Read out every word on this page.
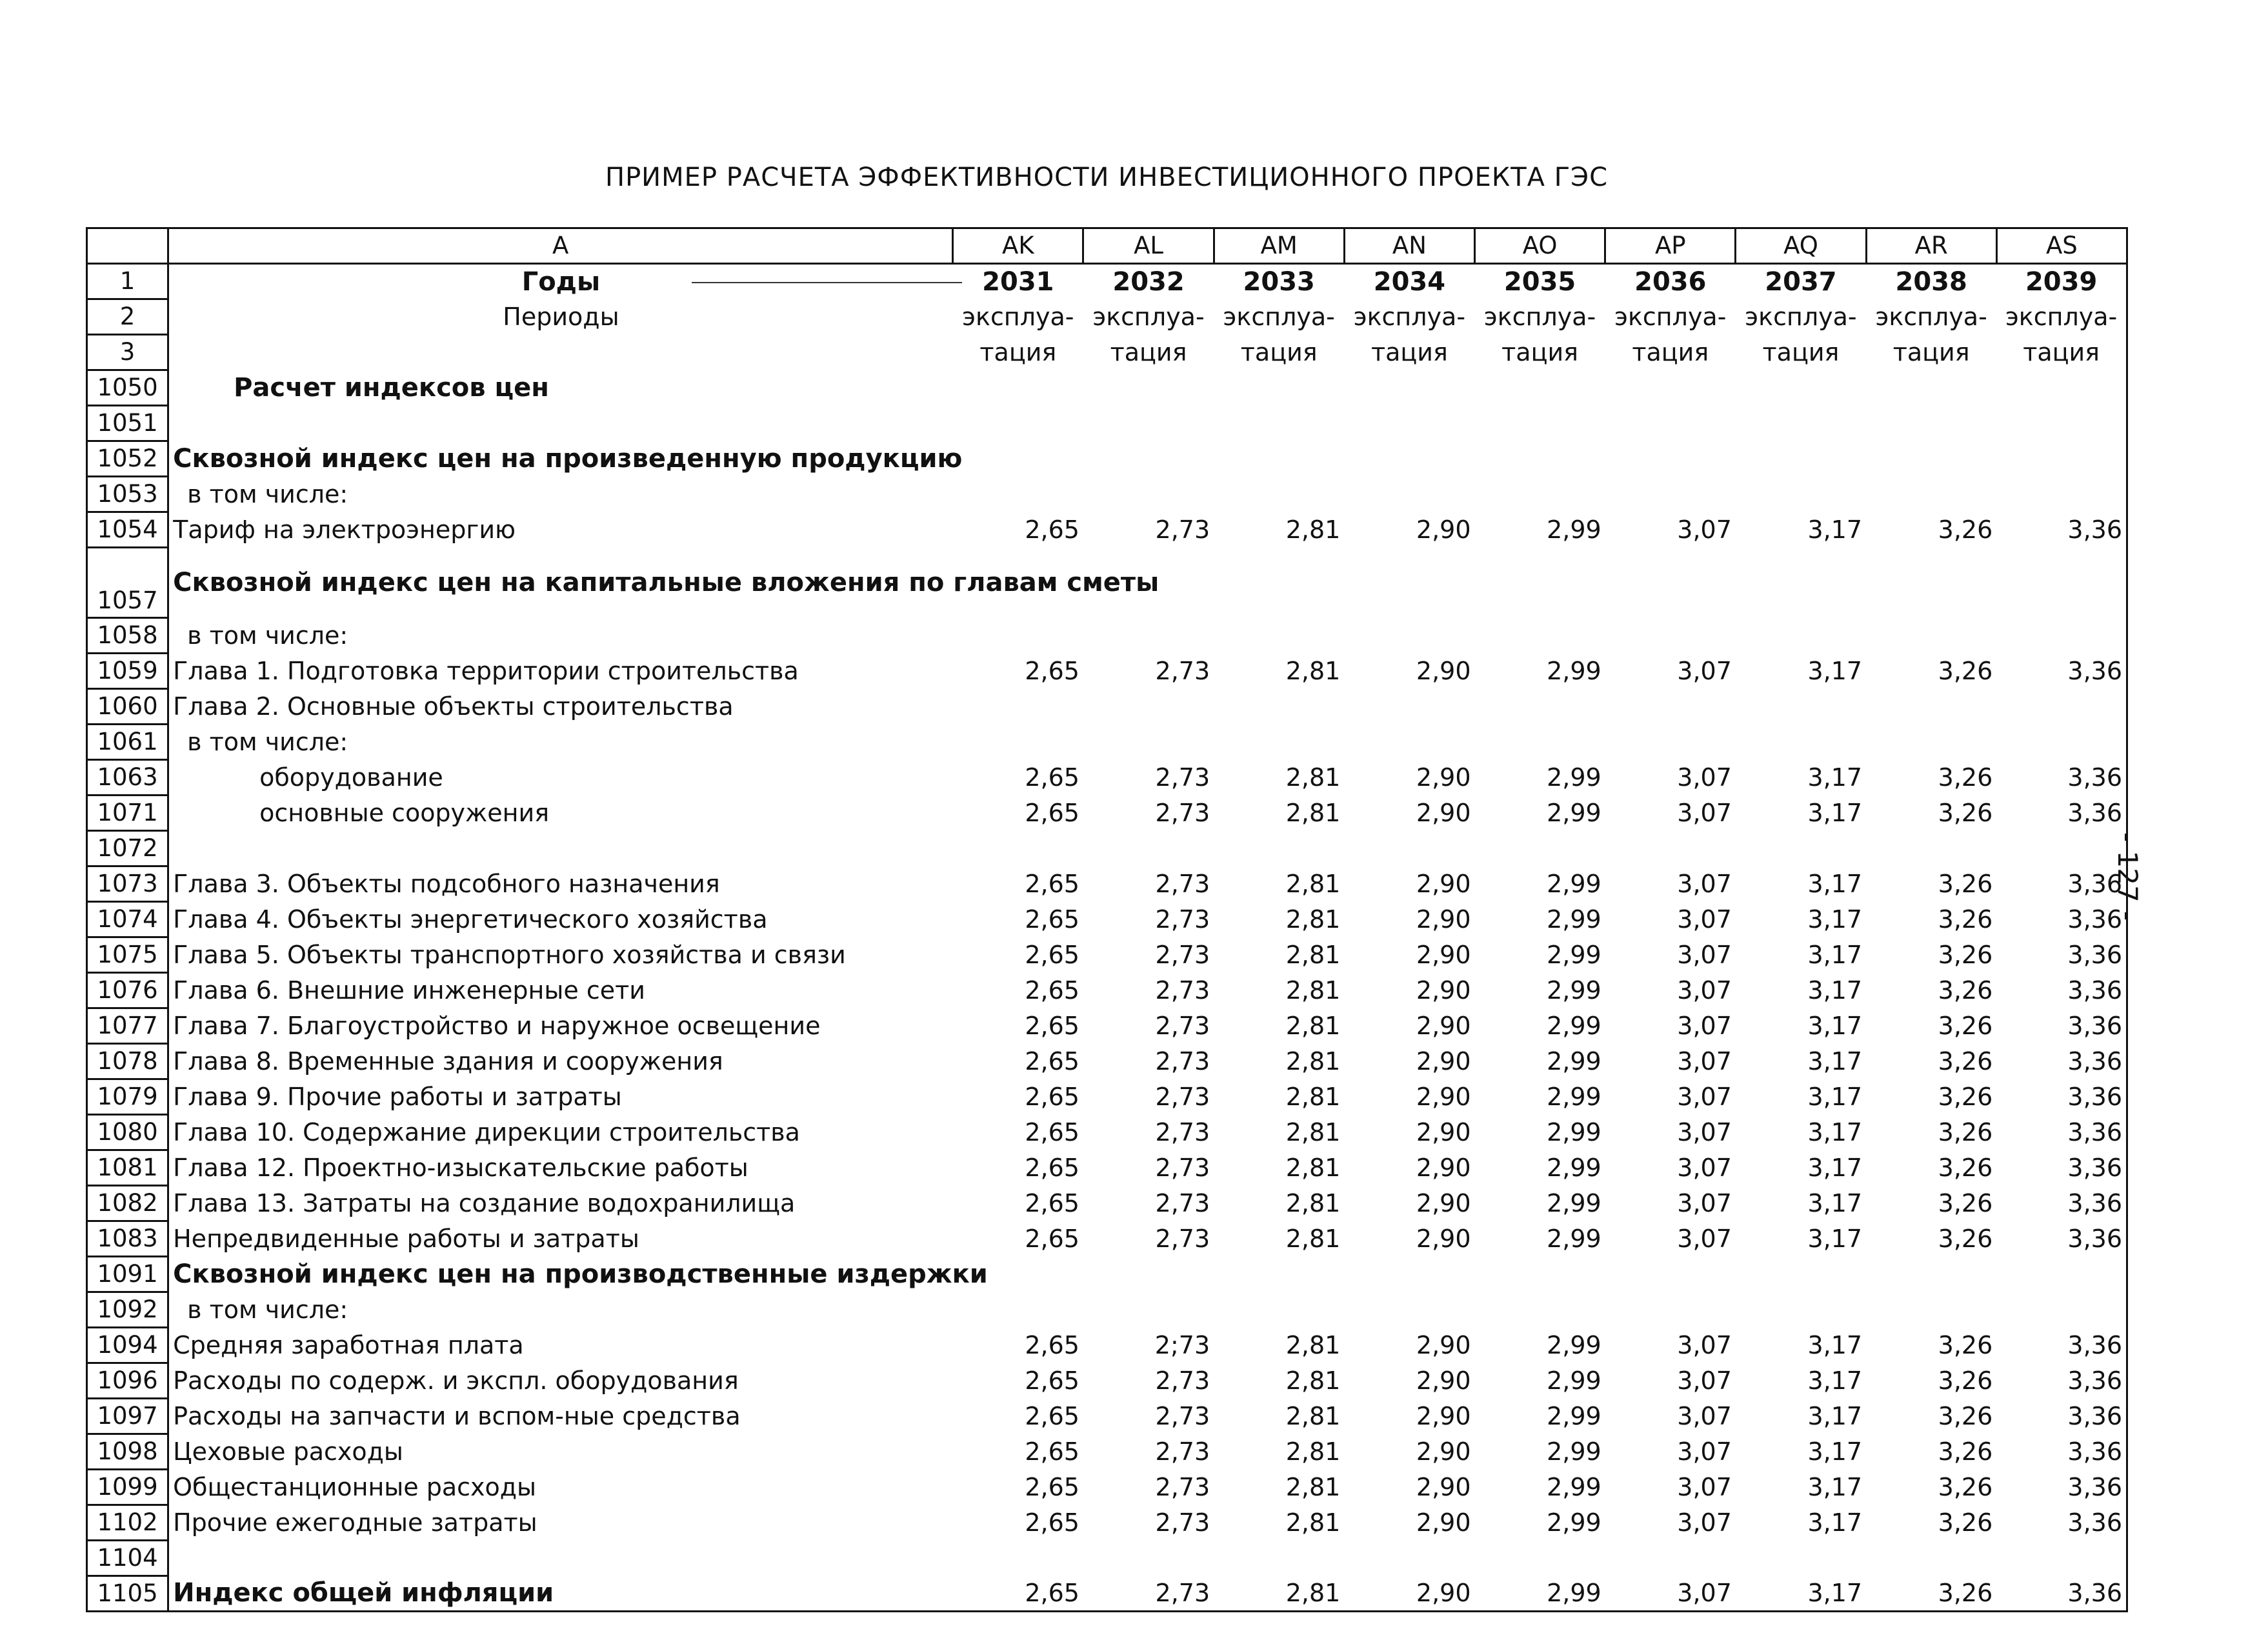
ПРИМЕР РАСЧЕТА ЭФФЕКТИВНОСТИ ИНВЕСТИЦИОННОГО ПРОЕКТА ГЭС
- 127 -
	A	AK	AL	AM	AN	AO	AP	AQ	AR	AS
1	Годы	2031	2032	2033	2034	2035	2036	2037	2038	2039
2	Периоды	эксплуа-	эксплуа-	эксплуа-	эксплуа-	эксплуа-	эксплуа-	эксплуа-	эксплуа-	эксплуа-
3		тация	тация	тация	тация	тация	тация	тация	тация	тация
1050	Расчет индексов цен									
1051										
1052	Сквозной индекс цен на произведенную продукцию									
1053	в том числе:									
1054	Тариф на электроэнергию	2,65	2,73	2,81	2,90	2,99	3,07	3,17	3,26	3,36
1057	Сквозной индекс цен на капитальные вложения по главам сметы									
1058	в том числе:									
1059	Глава 1. Подготовка территории строительства	2,65	2,73	2,81	2,90	2,99	3,07	3,17	3,26	3,36
1060	Глава 2. Основные объекты строительства									
1061	в том числе:									
1063	оборудование	2,65	2,73	2,81	2,90	2,99	3,07	3,17	3,26	3,36
1071	основные сооружения	2,65	2,73	2,81	2,90	2,99	3,07	3,17	3,26	3,36
1072										
1073	Глава 3. Объекты подсобного назначения	2,65	2,73	2,81	2,90	2,99	3,07	3,17	3,26	3,36
1074	Глава 4. Объекты энергетического хозяйства	2,65	2,73	2,81	2,90	2,99	3,07	3,17	3,26	3,36
1075	Глава 5. Объекты транспортного хозяйства и связи	2,65	2,73	2,81	2,90	2,99	3,07	3,17	3,26	3,36
1076	Глава 6. Внешние инженерные сети	2,65	2,73	2,81	2,90	2,99	3,07	3,17	3,26	3,36
1077	Глава 7. Благоустройство и наружное освещение	2,65	2,73	2,81	2,90	2,99	3,07	3,17	3,26	3,36
1078	Глава 8. Временные здания и сооружения	2,65	2,73	2,81	2,90	2,99	3,07	3,17	3,26	3,36
1079	Глава 9. Прочие работы и затраты	2,65	2,73	2,81	2,90	2,99	3,07	3,17	3,26	3,36
1080	Глава 10. Содержание дирекции строительства	2,65	2,73	2,81	2,90	2,99	3,07	3,17	3,26	3,36
1081	Глава 12. Проектно-изыскательские работы	2,65	2,73	2,81	2,90	2,99	3,07	3,17	3,26	3,36
1082	Глава 13. Затраты на создание водохранилища	2,65	2,73	2,81	2,90	2,99	3,07	3,17	3,26	3,36
1083	Непредвиденные работы и затраты	2,65	2,73	2,81	2,90	2,99	3,07	3,17	3,26	3,36
1091	Сквозной индекс цен на производственные издержки									
1092	в том числе:									
1094	Средняя заработная плата	2,65	2;73	2,81	2,90	2,99	3,07	3,17	3,26	3,36
1096	Расходы по содерж. и экспл. оборудования	2,65	2,73	2,81	2,90	2,99	3,07	3,17	3,26	3,36
1097	Расходы на запчасти и вспом-ные средства	2,65	2,73	2,81	2,90	2,99	3,07	3,17	3,26	3,36
1098	Цеховые расходы	2,65	2,73	2,81	2,90	2,99	3,07	3,17	3,26	3,36
1099	Общестанционные расходы	2,65	2,73	2,81	2,90	2,99	3,07	3,17	3,26	3,36
1102	Прочие ежегодные затраты	2,65	2,73	2,81	2,90	2,99	3,07	3,17	3,26	3,36
1104										
1105	Индекс общей инфляции	2,65	2,73	2,81	2,90	2,99	3,07	3,17	3,26	3,36
